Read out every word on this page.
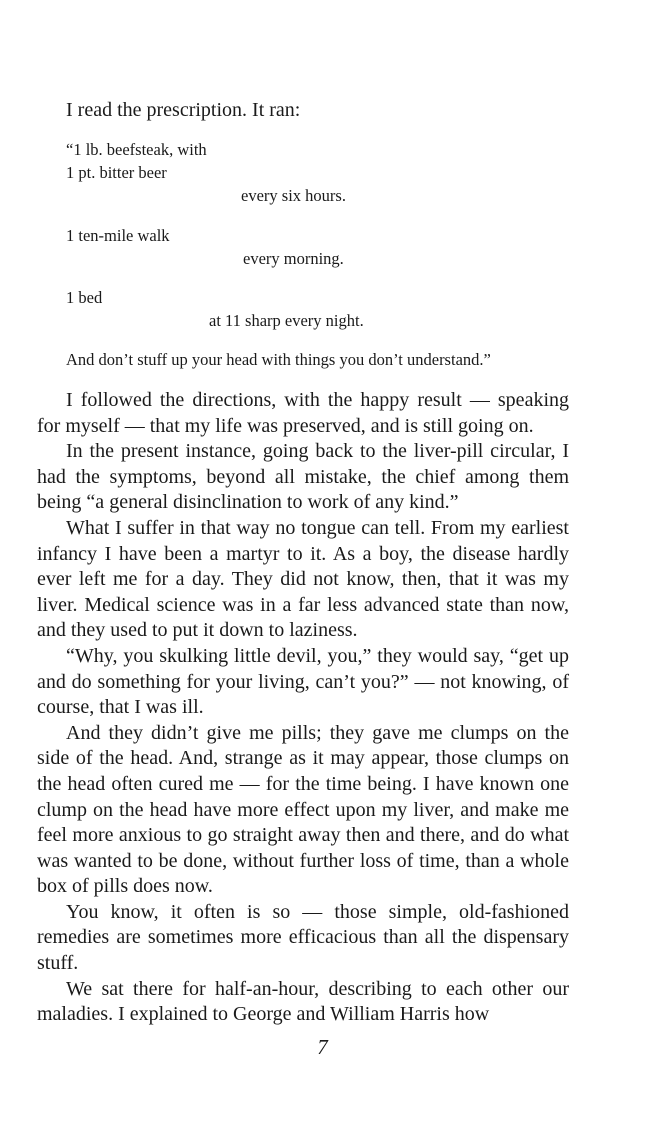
I read the prescription. It ran:

“1 lb. beefsteak, with

1 pt. bitter beer

every six hours.

1 ten-mile walk

every morning.

1 bed

at 11 sharp every night.

And don’t stuff up your head with things you don’t understand.”

I followed the directions, with the happy result — speaking for myself — that my life was preserved, and is still going on.

In the present instance, going back to the liver-pill circular, I had the symptoms, beyond all mistake, the chief among them being “a general disinclination to work of any kind.”

What I suffer in that way no tongue can tell. From my earliest infancy I have been a martyr to it. As a boy, the disease hardly ever left me for a day. They did not know, then, that it was my liver. Medical science was in a far less advanced state than now, and they used to put it down to laziness.

“Why, you skulking little devil, you,” they would say, “get up and do something for your living, can’t you?” — not knowing, of course, that I was ill.

And they didn’t give me pills; they gave me clumps on the side of the head. And, strange as it may appear, those clumps on the head often cured me — for the time being. I have known one clump on the head have more effect upon my liver, and make me feel more anxious to go straight away then and there, and do what was wanted to be done, without further loss of time, than a whole box of pills does now.

You know, it often is so — those simple, old-fashioned remedies are sometimes more efficacious than all the dispensary stuff.

We sat there for half-an-hour, describing to each other our maladies. I explained to George and William Harris how

7
